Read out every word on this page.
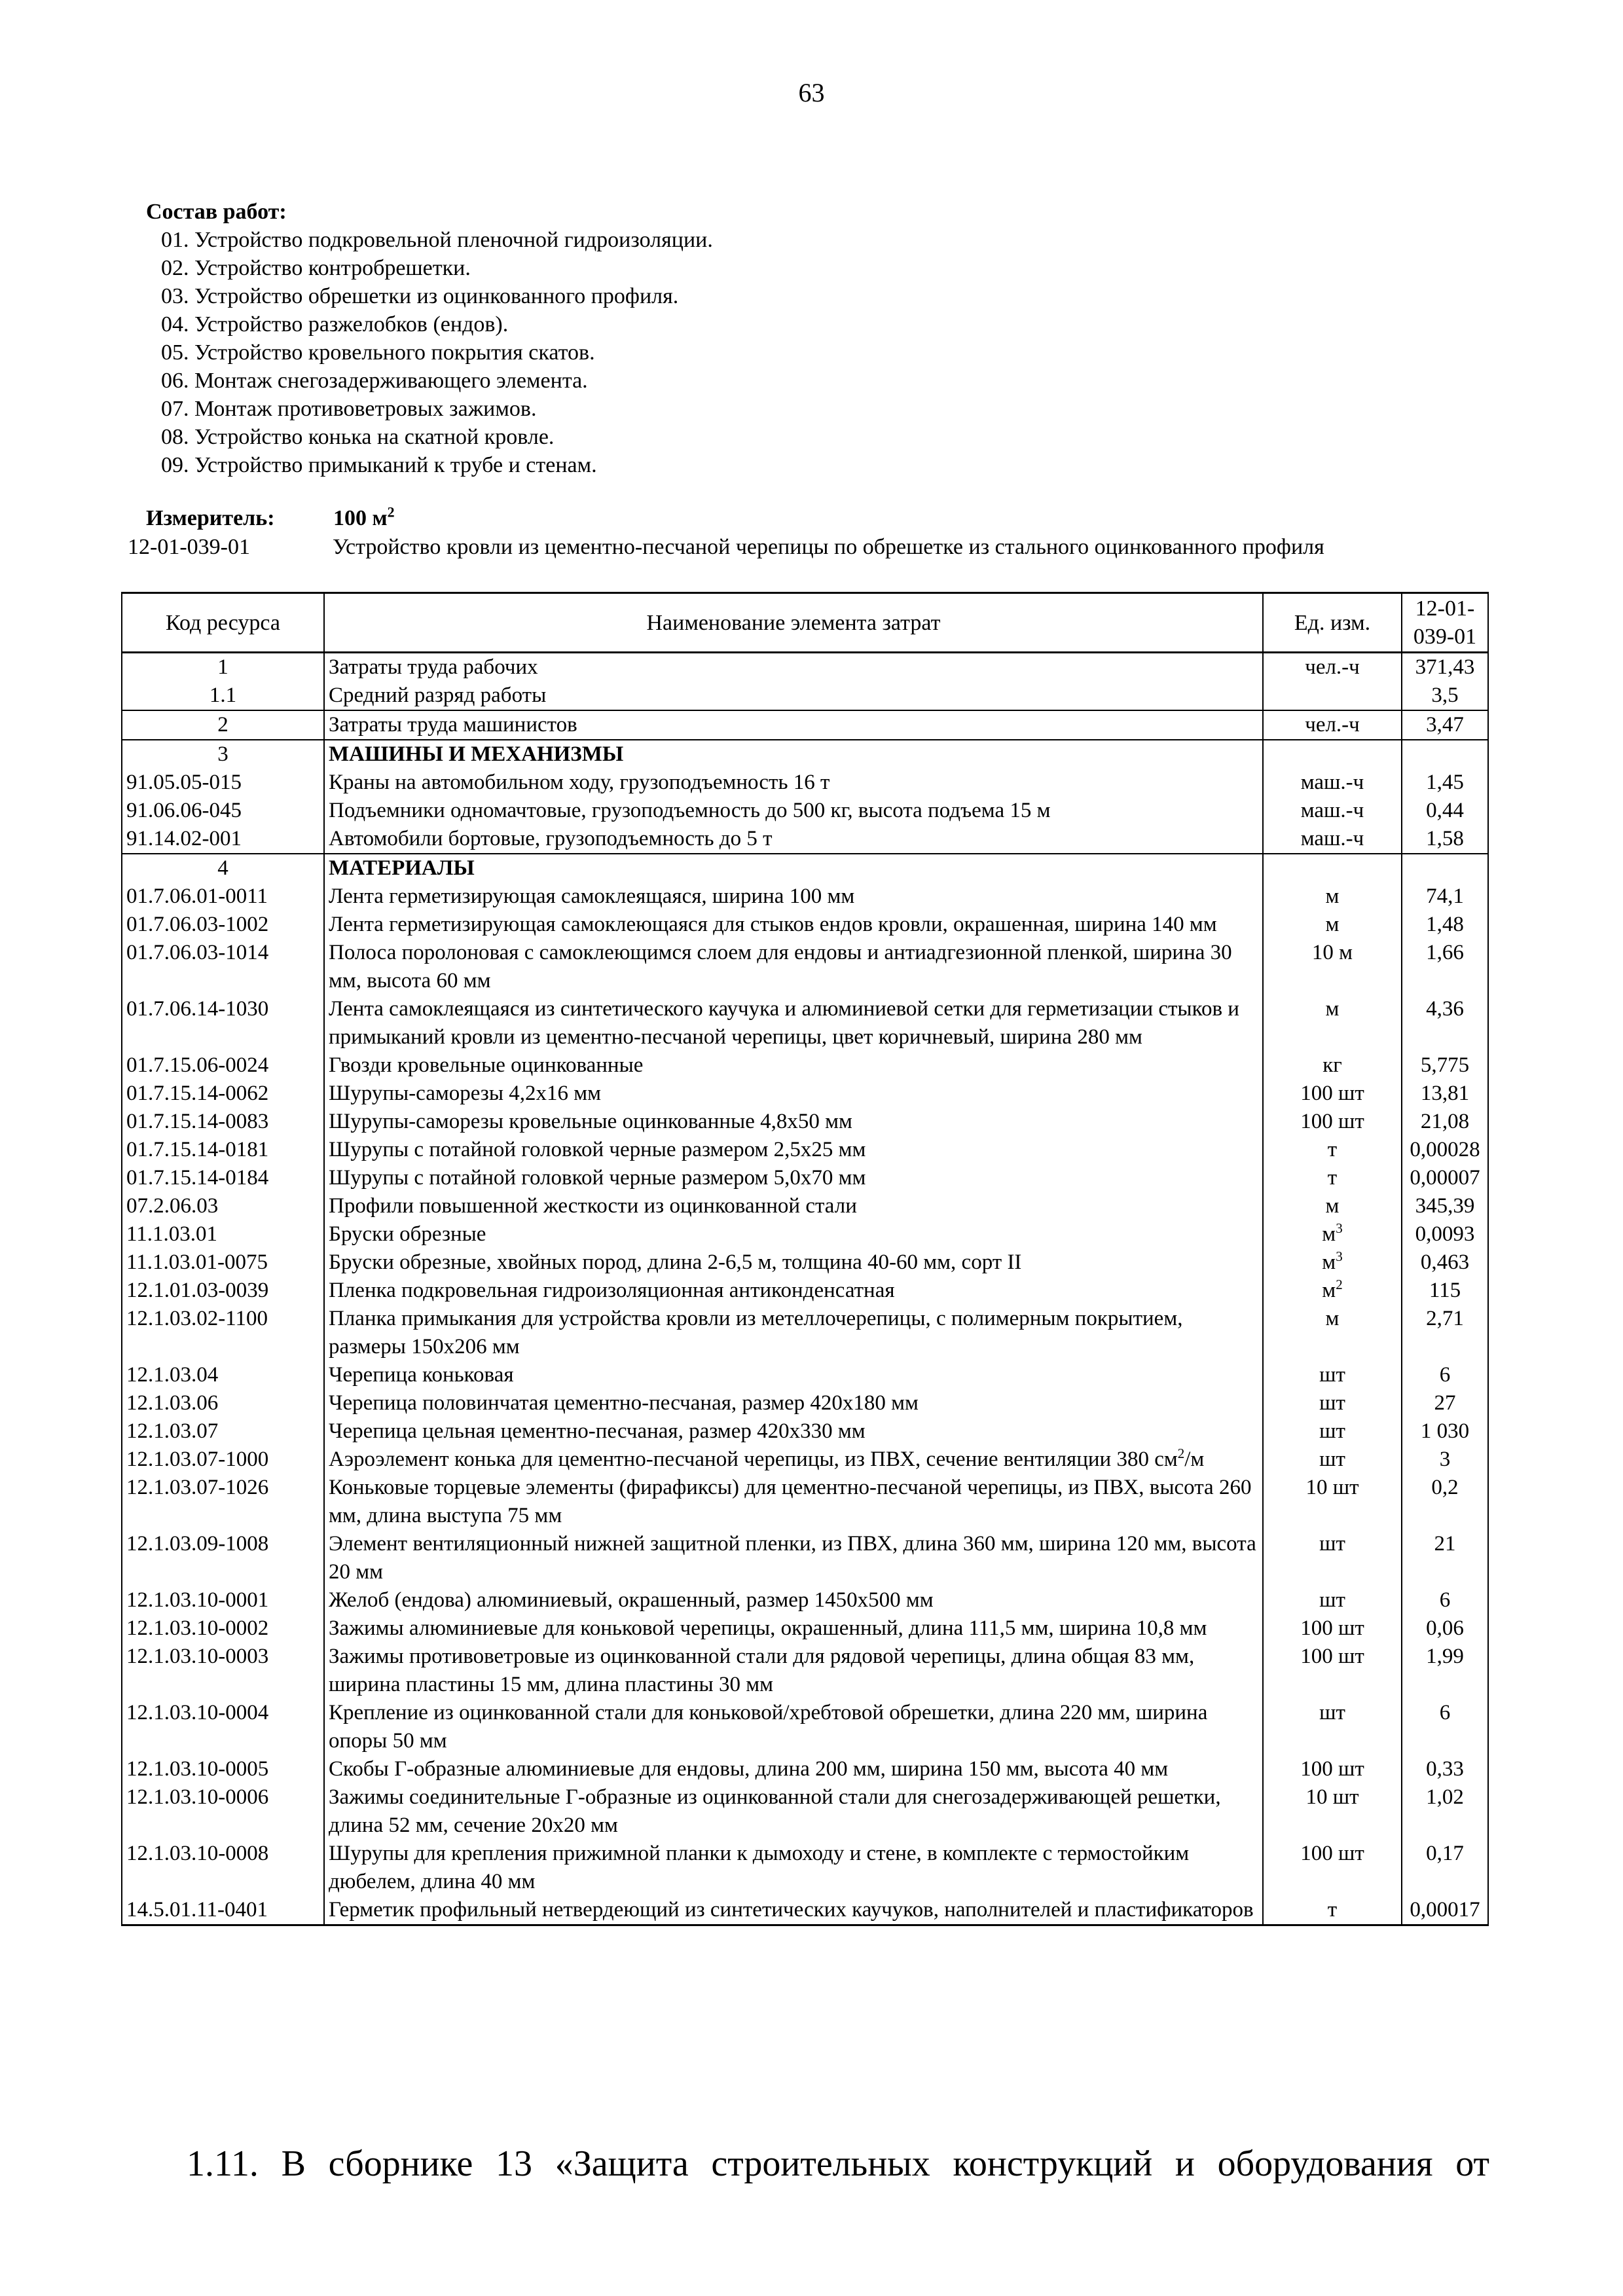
63
Состав работ:
01. Устройство подкровельной пленочной гидроизоляции.
02. Устройство контробрешетки.
03. Устройство обрешетки из оцинкованного профиля.
04. Устройство разжелобков (ендов).
05. Устройство кровельного покрытия скатов.
06. Монтаж снегозадерживающего элемента.
07. Монтаж противоветровых зажимов.
08. Устройство конька на скатной кровле.
09. Устройство примыканий к трубе и стенам.
Измеритель:	100 $м^2$
12-01-039-01	Устройство кровли из цементно-песчаной черепицы по обрешетке из стального оцинкованного профиля
Код ресурса	Наименование элемента затрат	Ед. изм.	12-01-039-01
1	Затраты труда рабочих	чел.-ч	371,43
1.1	Средний разряд работы		3,5
2	Затраты труда машинистов	чел.-ч	3,47
3	МАШИНЫ И МЕХАНИЗМЫ		
91.05.05-015	Краны на автомобильном ходу, грузоподъемность 16 т	маш.-ч	1,45
91.06.06-045	Подъемники одномачтовые, грузоподъемность до 500 кг, высота подъема 15 м	маш.-ч	0,44
91.14.02-001	Автомобили бортовые, грузоподъемность до 5 т	маш.-ч	1,58
4	МАТЕРИАЛЫ		
01.7.06.01-0011	Лента герметизирующая самоклеящаяся, ширина 100 мм	м	74,1
01.7.06.03-1002	Лента герметизирующая самоклеющаяся для стыков ендов кровли, окрашенная, ширина 140 мм	м	1,48
01.7.06.03-1014	Полоса поролоновая с самоклеющимся слоем для ендовы и антиадгезионной пленкой, ширина 30 мм, высота 60 мм	10 м	1,66
01.7.06.14-1030	Лента самоклеящаяся из синтетического каучука и алюминиевой сетки для герметизации стыков и примыканий кровли из цементно-песчаной черепицы, цвет коричневый, ширина 280 мм	м	4,36
01.7.15.06-0024	Гвозди кровельные оцинкованные	кг	5,775
01.7.15.14-0062	Шурупы-саморезы 4,2х16 мм	100 шт	13,81
01.7.15.14-0083	Шурупы-саморезы кровельные оцинкованные 4,8х50 мм	100 шт	21,08
01.7.15.14-0181	Шурупы с потайной головкой черные размером 2,5х25 мм	т	0,00028
01.7.15.14-0184	Шурупы с потайной головкой черные размером 5,0х70 мм	т	0,00007
07.2.06.03	Профили повышенной жесткости из оцинкованной стали	м	345,39
11.1.03.01	Бруски обрезные	$м^3$	0,0093
11.1.03.01-0075	Бруски обрезные, хвойных пород, длина 2-6,5 м, толщина 40-60 мм, сорт II	$м^3$	0,463
12.1.01.03-0039	Пленка подкровельная гидроизоляционная антиконденсатная	$м^2$	115
12.1.03.02-1100	Планка примыкания для устройства кровли из метеллочерепицы, с полимерным покрытием, размеры 150х206 мм	м	2,71
12.1.03.04	Черепица коньковая	шт	6
12.1.03.06	Черепица половинчатая цементно-песчаная, размер 420х180 мм	шт	27
12.1.03.07	Черепица цельная цементно-песчаная, размер 420х330 мм	шт	1 030
12.1.03.07-1000	Аэроэлемент конька для цементно-песчаной черепицы, из ПВХ, сечение вентиляции 380 $см^2/м$	шт	3
12.1.03.07-1026	Коньковые торцевые элементы (фирафиксы) для цементно-песчаной черепицы, из ПВХ, высота 260 мм, длина выступа 75 мм	10 шт	0,2
12.1.03.09-1008	Элемент вентиляционный нижней защитной пленки, из ПВХ, длина 360 мм, ширина 120 мм, высота 20 мм	шт	21
12.1.03.10-0001	Желоб (ендова) алюминиевый, окрашенный, размер 1450х500 мм	шт	6
12.1.03.10-0002	Зажимы алюминиевые для коньковой черепицы, окрашенный, длина 111,5 мм, ширина 10,8 мм	100 шт	0,06
12.1.03.10-0003	Зажимы противоветровые из оцинкованной стали для рядовой черепицы, длина общая 83 мм, ширина пластины 15 мм, длина пластины 30 мм	100 шт	1,99
12.1.03.10-0004	Крепление из оцинкованной стали для коньковой/хребтовой обрешетки, длина 220 мм, ширина опоры 50 мм	шт	6
12.1.03.10-0005	Скобы Г-образные алюминиевые для ендовы, длина 200 мм, ширина 150 мм, высота 40 мм	100 шт	0,33
12.1.03.10-0006	Зажимы соединительные Г-образные из оцинкованной стали для снегозадерживающей решетки, длина 52 мм, сечение 20х20 мм	10 шт	1,02
12.1.03.10-0008	Шурупы для крепления прижимной планки к дымоходу и стене, в комплекте с термостойким дюбелем, длина 40 мм	100 шт	0,17
14.5.01.11-0401	Герметик профильный нетвердеющий из синтетических каучуков, наполнителей и пластификаторов	т	0,00017
1.11. В сборнике 13 «Защита строительных конструкций и оборудования от
